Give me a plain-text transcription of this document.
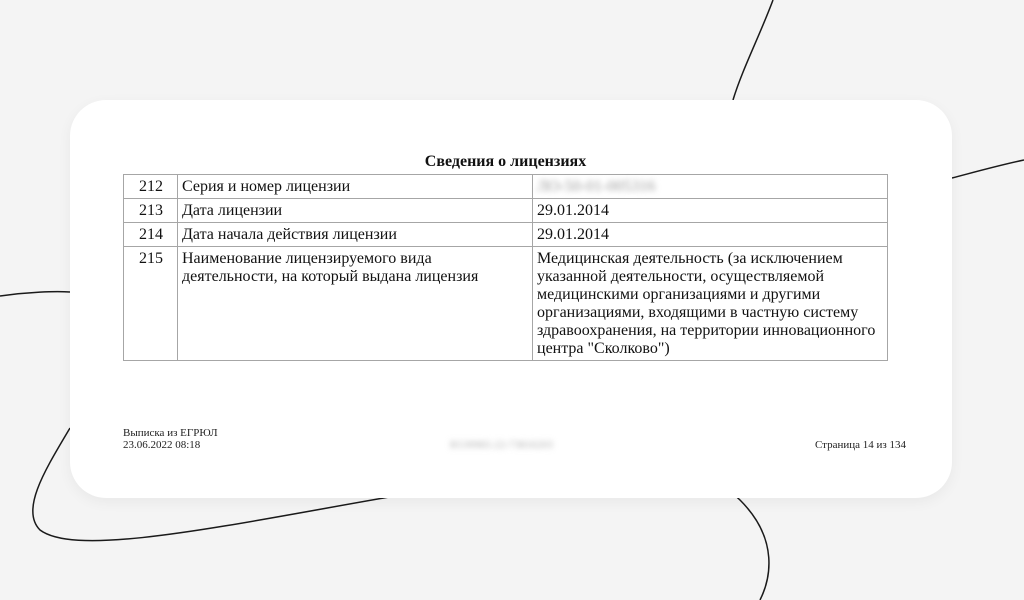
Сведения о лицензиях
212	Серия и номер лицензии	ЛО-50-01-005316
213	Дата лицензии	29.01.2014
214	Дата начала действия лицензии	29.01.2014
215	Наименование лицензируемого вида деятельности, на который выдана лицензия	Медицинская деятельность (за исключением указанной деятельности, осуществляемой медицинскими организациями и другими организациями, входящими в частную систему здравоохранения, на территории инновационного центра "Сколково")
Выписка из ЕГРЮЛ
23.06.2022 08:18	ЮЭ9965-22-73816203	Страница 14 из 134
